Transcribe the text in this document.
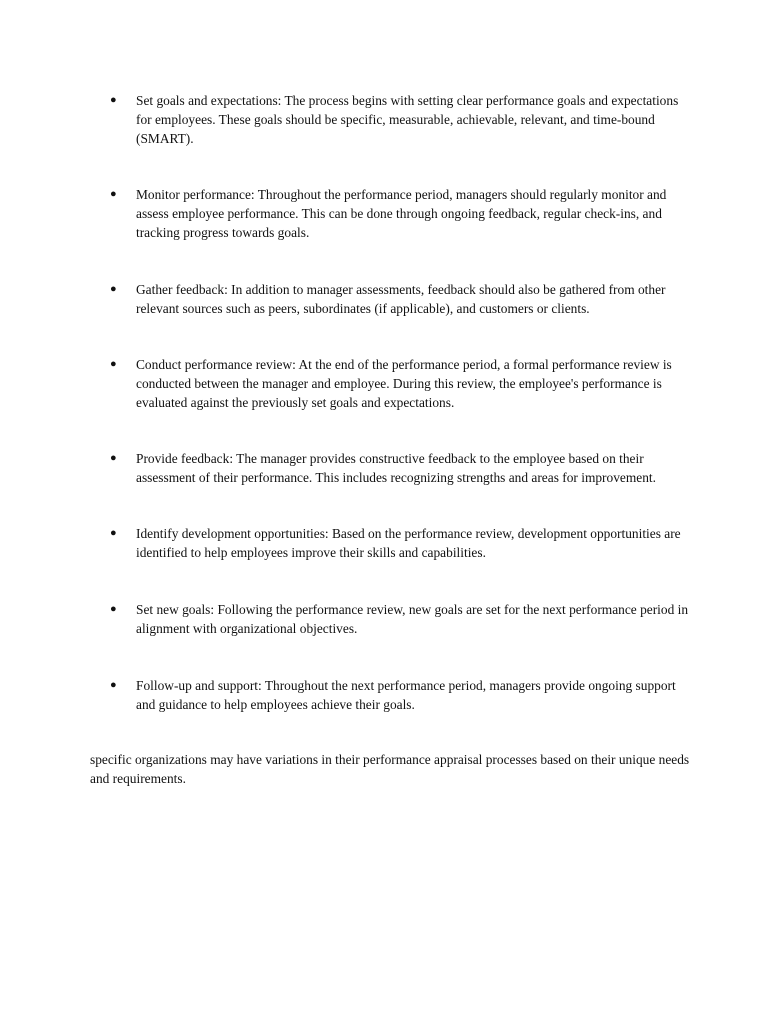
●	Set goals and expectations: The process begins with setting clear performance goals and expectations for employees. These goals should be specific, measurable, achievable, relevant, and time-bound (SMART).
●	Monitor performance: Throughout the performance period, managers should regularly monitor and assess employee performance. This can be done through ongoing feedback, regular check-ins, and tracking progress towards goals.
●	Gather feedback: In addition to manager assessments, feedback should also be gathered from other relevant sources such as peers, subordinates (if applicable), and customers or clients.
●	Conduct performance review: At the end of the performance period, a formal performance review is conducted between the manager and employee. During this review, the employee's performance is evaluated against the previously set goals and expectations.
●	Provide feedback: The manager provides constructive feedback to the employee based on their assessment of their performance. This includes recognizing strengths and areas for improvement.
●	Identify development opportunities: Based on the performance review, development opportunities are identified to help employees improve their skills and capabilities.
●	Set new goals: Following the performance review, new goals are set for the next performance period in alignment with organizational objectives.
●	Follow-up and support: Throughout the next performance period, managers provide ongoing support and guidance to help employees achieve their goals.

specific organizations may have variations in their performance appraisal processes based on their unique needs and requirements.
